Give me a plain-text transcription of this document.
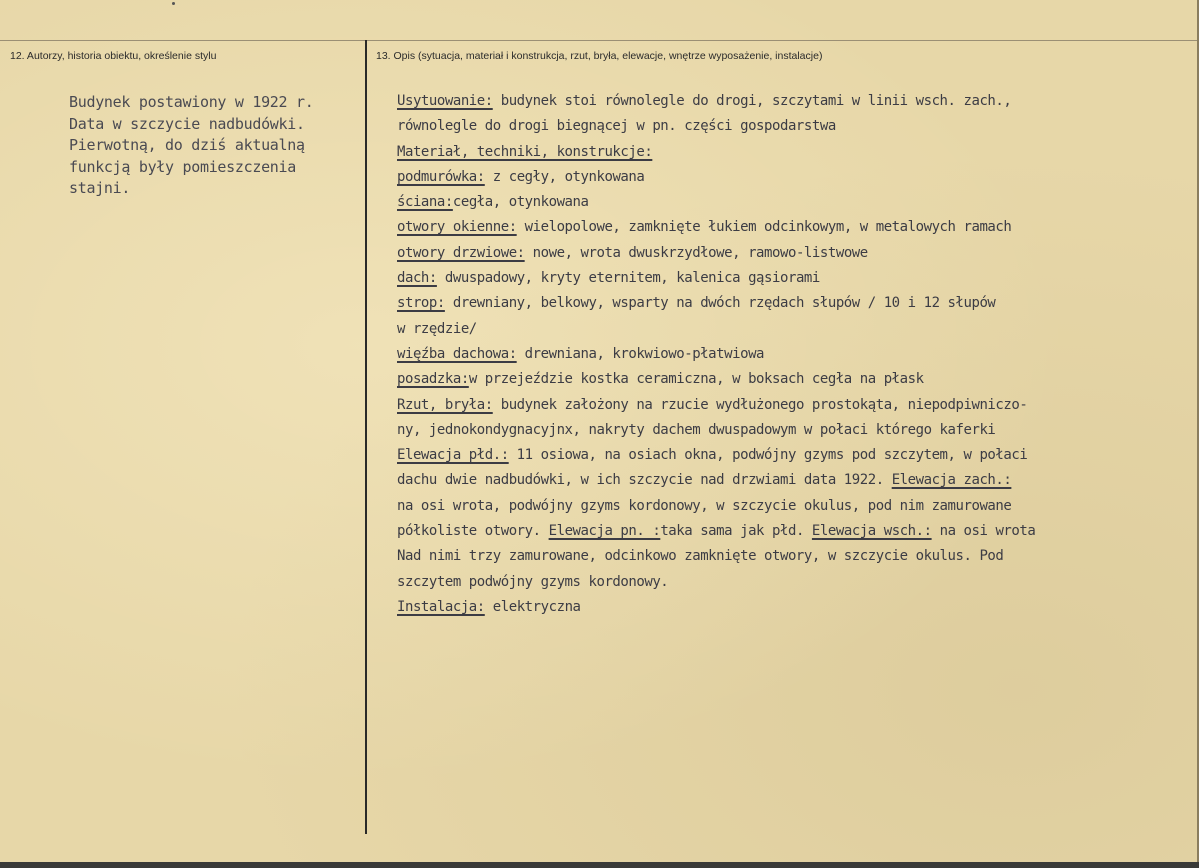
12. Autorzy, historia obiektu, określenie stylu	13. Opis (sytuacja, materiał i konstrukcja, rzut, bryła, elewacje, wnętrze wyposażenie, instalacje)
Budynek postawiony w 1922 r.
Data w szczycie nadbudówki.
Pierwotną, do dziś aktualną
funkcją były pomieszczenia
stajni.
Usytuowanie: budynek stoi równolegle do drogi, szczytami w linii wsch. zach.,
równolegle do drogi biegnącej w pn. części gospodarstwa
Materiał, techniki, konstrukcje:
podmurówka: z cegły, otynkowana
ściana:cegła, otynkowana
otwory okienne: wielopolowe, zamknięte łukiem odcinkowym, w metalowych ramach
otwory drzwiowe: nowe, wrota dwuskrzydłowe, ramowo-listwowe
dach: dwuspadowy, kryty eternitem, kalenica gąsiorami
strop: drewniany, belkowy, wsparty na dwóch rzędach słupów / 10 i 12 słupów
w rzędzie/
więźba dachowa: drewniana, krokwiowo-płatwiowa
posadzka:w przejeździe kostka ceramiczna, w boksach cegła na płask
Rzut, bryła: budynek założony na rzucie wydłużonego prostokąta, niepodpiwniczo-
ny, jednokondygnacyjnx, nakryty dachem dwuspadowym w połaci którego kaferki
Elewacja płd.: 11 osiowa, na osiach okna, podwójny gzyms pod szczytem, w połaci
dachu dwie nadbudówki, w ich szczycie nad drzwiami data 1922. Elewacja zach.:
na osi wrota, podwójny gzyms kordonowy, w szczycie okulus, pod nim zamurowane
półkoliste otwory. Elewacja pn. :taka sama jak płd. Elewacja wsch.: na osi wrota
Nad nimi trzy zamurowane, odcinkowo zamknięte otwory, w szczycie okulus. Pod
szczytem podwójny gzyms kordonowy.
Instalacja: elektryczna
